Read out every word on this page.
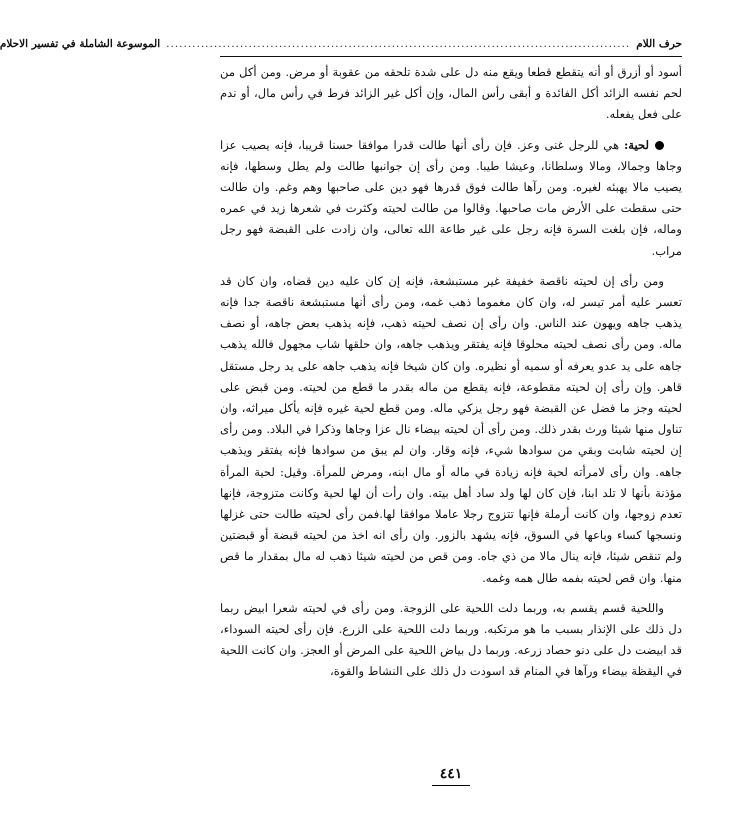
حرف اللام
...........................................................................................................
الموسوعة الشاملة في تفسير الاحلام

أسود أو أزرق أو أنه يتقطع قطعا ويقع منه دل على شدة تلحقه من عقوبة أو مرض. ومن أكل من لحم نفسه الزائد أكل الفائدة و أبقى رأس المال، وإن أكل غير الزائد فرط في رأس مال، أو ندم على فعل يفعله.

لحية: هي للرجل غنى وعز. فإن رأى أنها طالت قدرا موافقا حسنا قريبا، فإنه يصيب عزا وجاها وجمالا، ومالا وسلطانا، وعيشا طيبا. ومن رأى إن جوانبها طالت ولم يطل وسطها، فإنه يصيب مالا يهبئه لغيره. ومن رآها طالت فوق قدرها فهو دين على صاحبها وهم وغم. وان طالت حتى سقطت على الأرض مات صاحبها. وقالوا من طالت لحيته وكثرت في شعرها زيد في عمره وماله، فإن بلغت السرة فإنه رجل على غير طاعة الله تعالى، وان زادت على القبضة فهو رجل مراب.

ومن رأى إن لحيته ناقصة خفيفة غير مستبشعة، فإنه إن كان عليه دين قضاه، وان كان قد تعسر عليه أمر تيسر له، وان كان مغموما ذهب غمه، ومن رأى أنها مستبشعة ناقصة جدا فإنه يذهب جاهه ويهون عند الناس. وان رأى إن نصف لحيته ذهب، فإنه يذهب بعض جاهه، أو نصف ماله. ومن رأى نصف لحيته محلوقا فإنه يفتقر ويذهب جاهه، وان حلقها شاب مجهول فالله يذهب جاهه على يد عدو يعرفه أو سميه أو نظيره. وان كان شيخا فإنه يذهب جاهه على يد رجل مستقل قاهر. وإن رأى إن لحيته مقطوعة، فإنه يقطع من ماله بقدر ما قطع من لحيته. ومن قبض على لحيته وجز ما فضل عن القبضة فهو رجل يزكي ماله. ومن قطع لحية غيره فإنه يأكل ميراثه، وان تناول منها شيئا ورث بقدر ذلك. ومن رأى أن لحيته بيضاء نال عزا وجاها وذكرا في البلاد. ومن رأى إن لحيته شابت وبقي من سوادها شيء، فإنه وقار. وان لم يبق من سوادها فإنه يفتقر ويذهب جاهه. وان رأى لامرأته لحية فإنه زيادة في ماله أو مال ابنه، ومرض للمرأة. وقيل: لحية المرأة مؤذنة بأنها لا تلد ابنا، فإن كان لها ولد ساد أهل بيته. وان رأت أن لها لحية وكانت متزوجة، فإنها تعدم زوجها، وان كانت أرملة فإنها تتزوج رجلا عاملا موافقا لها.فمن رأى لحيته طالت حتى غزلها ونسجها كساء وباعها في السوق، فإنه يشهد بالزور. وان رأى انه اخذ من لحيته قبضة أو قبضتين ولم تنقص شيئا، فإنه ينال مالا من ذي جاه. ومن قص من لحيته شيئا ذهب له مال بمقدار ما قص منها. وان قص لحيته بفمه طال همه وغمه.

واللحية قسم يقسم به، وربما دلت اللحية على الزوجة. ومن رأى في لحيته شعرا ابيض ربما دل ذلك على الإنذار بسبب ما هو مرتكبه. وربما دلت اللحية على الزرع. فإن رأى لحيته السوداء، قد ابيضت دل على دنو حصاد زرعه. وربما دل بياض اللحية على المرض أو العجز. وان كانت اللحية في اليقظة بيضاء ورآها في المنام قد اسودت دل ذلك على النشاط والقوة،

٤٤١
